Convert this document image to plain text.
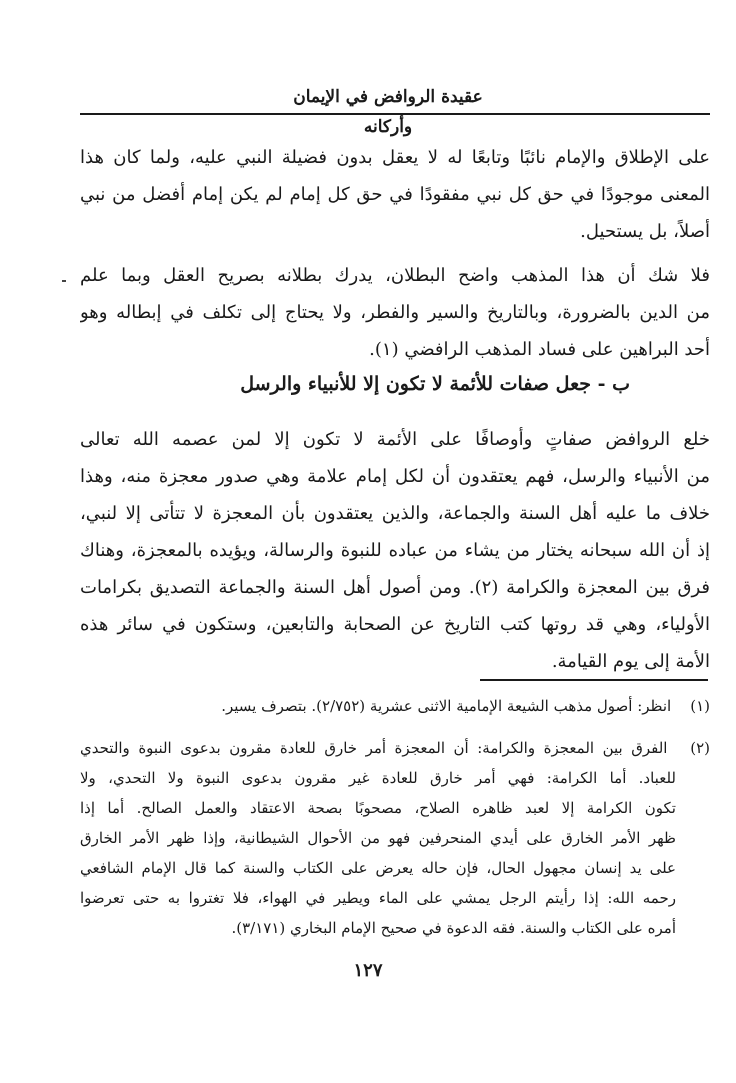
عقيدة الروافض في الإيمان وأركانه
على الإطلاق والإمام نائبًا وتابعًا له لا يعقل بدون فضيلة النبي عليه، ولما كان هذا
المعنى موجودًا في حق كل نبي مفقودًا في حق كل إمام لم يكن إمام أفضل من نبي
أصلاً، بل يستحيل.
فلا شك أن هذا المذهب واضح البطلان، يدرك بطلانه بصريح العقل وبما علم
من الدين بالضرورة، وبالتاريخ والسير والفطر، ولا يحتاج إلى تكلف في إبطاله وهو
أحد البراهين على فساد المذهب الرافضي (١).
ب - جعل صفات للأئمة لا تكون إلا للأنبياء والرسل
خلع الروافض صفاتٍ وأوصافًا على الأئمة لا تكون إلا لمن عصمه الله تعالى
من الأنبياء والرسل، فهم يعتقدون أن لكل إمام علامة وهي صدور معجزة منه، وهذا
خلاف ما عليه أهل السنة والجماعة، والذين يعتقدون بأن المعجزة لا تتأتى إلا لنبي،
إذ أن الله سبحانه يختار من يشاء من عباده للنبوة والرسالة، ويؤيده بالمعجزة، وهناك
فرق بين المعجزة والكرامة (٢). ومن أصول أهل السنة والجماعة التصديق بكرامات
الأولياء، وهي قد روتها كتب التاريخ عن الصحابة والتابعين، وستكون في سائر هذه
الأمة إلى يوم القيامة.
(١) انظر: أصول مذهب الشيعة الإمامية الاثنى عشرية (٢/٧٥٢). بتصرف يسير.
(٢) الفرق بين المعجزة والكرامة: أن المعجزة أمر خارق للعادة مقرون بدعوى النبوة والتحدي
للعباد. أما الكرامة: فهي أمر خارق للعادة غير مقرون بدعوى النبوة ولا التحدي، ولا
تكون الكرامة إلا لعبد ظاهره الصلاح، مصحوبًا بصحة الاعتقاد والعمل الصالح. أما إذا
ظهر الأمر الخارق على أيدي المنحرفين فهو من الأحوال الشيطانية، وإذا ظهر الأمر الخارق
على يد إنسان مجهول الحال، فإن حاله يعرض على الكتاب والسنة كما قال الإمام الشافعي
رحمه الله: إذا رأيتم الرجل يمشي على الماء ويطير في الهواء، فلا تغتروا به حتى تعرضوا
أمره على الكتاب والسنة. فقه الدعوة في صحيح الإمام البخاري (٣/١٧١).
١٢٧
